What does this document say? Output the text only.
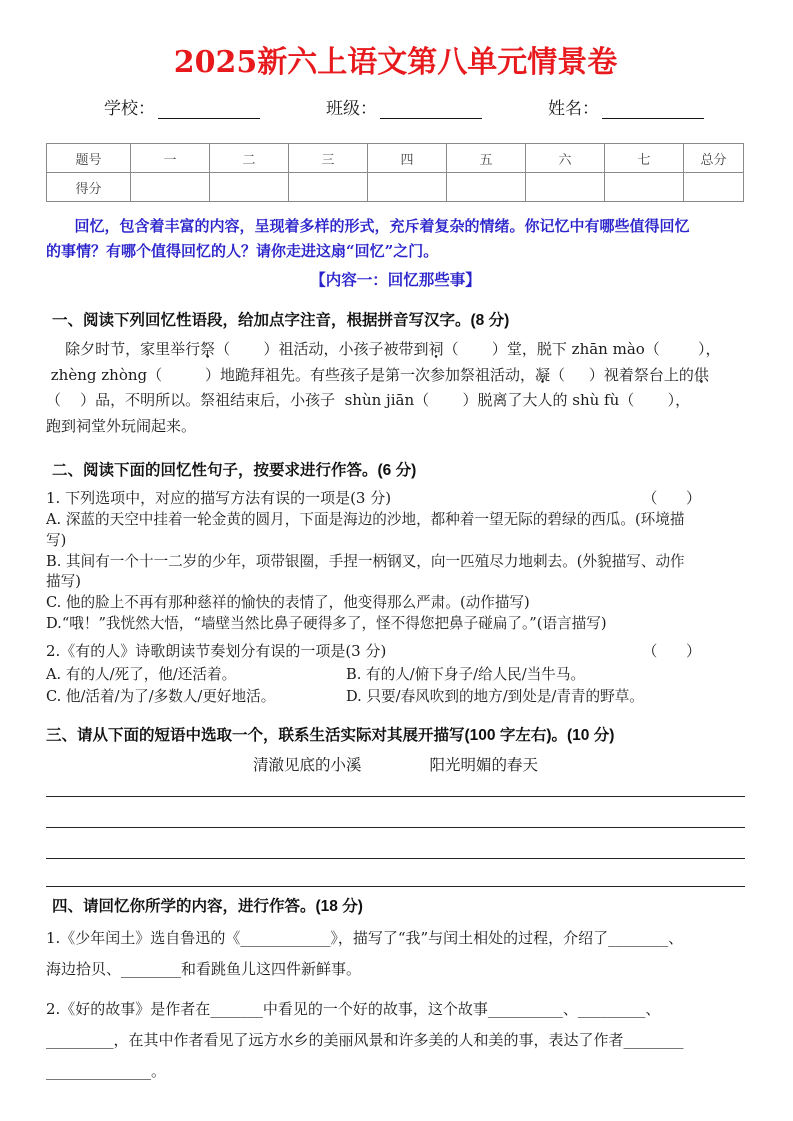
2025新六上语文第八单元情景卷
学校：	班级：	姓名：
题号	一	二	三	四	五	六	七	总分
得分								

回忆，包含着丰富的内容，呈现着多样的形式，充斥着复杂的情绪。你记忆中有哪些值得回忆

的事情？有哪个值得回忆的人？请你走进这扇“回忆”之门。

【内容一：回忆那些事】
一、阅读下列回忆性语段，给加点字注音，根据拼音写汉字。(8 分)

除夕时节，家里举行祭（       ）祖活动，小孩子被带到祠（       ）堂，脱下 zhān mào（        ），

zhèng zhòng（         ）地跪拜祖先。有些孩子是第一次参加祭祖活动，凝（     ）视着祭台上的供

（    ）品，不明所以。祭祖结束后，小孩子  shùn jiān（       ）脱离了大人的 shù fù（       ），

跑到祠堂外玩闹起来。

二、阅读下面的回忆性句子，按要求进行作答。(6 分)
1. 下列选项中，对应的描写方法有误的一项是(3 分)	（      ）

A. 深蓝的天空中挂着一轮金黄的圆月，下面是海边的沙地，都种着一望无际的碧绿的西瓜。(环境描

写)

B. 其间有一个十一二岁的少年，项带银圈，手捏一柄钢叉，向一匹殖尽力地刺去。(外貌描写、动作

描写)

C. 他的脸上不再有那种慈祥的愉快的表情了，他变得那么严肃。(动作描写)

D.“哦！”我恍然大悟，“墙壁当然比鼻子硬得多了，怪不得您把鼻子碰扁了。”(语言描写)

2.《有的人》诗歌朗读节奏划分有误的一项是(3 分)	（      ）
A. 有的人/死了，他/还活着。	B. 有的人/俯下身子/给人民/当牛马。
C. 他/活着/为了/多数人/更好地活。	D. 只要/春风吹到的地方/到处是/青青的野草。
三、请从下面的短语中选取一个，联系生活实际对其展开描写(100 字左右)。(10 分)
清澈见底的小溪	阳光明媚的春天
四、请回忆你所学的内容，进行作答。(18 分)

1.《少年闰土》选自鲁迅的《____________》，描写了“我”与闰土相处的过程，介绍了________、

海边拾贝、________和看跳鱼儿这四件新鲜事。

2.《好的故事》是作者在_______中看见的一个好的故事，这个故事__________、_________、

_________，在其中作者看见了远方水乡的美丽风景和许多美的人和美的事，表达了作者________

______________。
